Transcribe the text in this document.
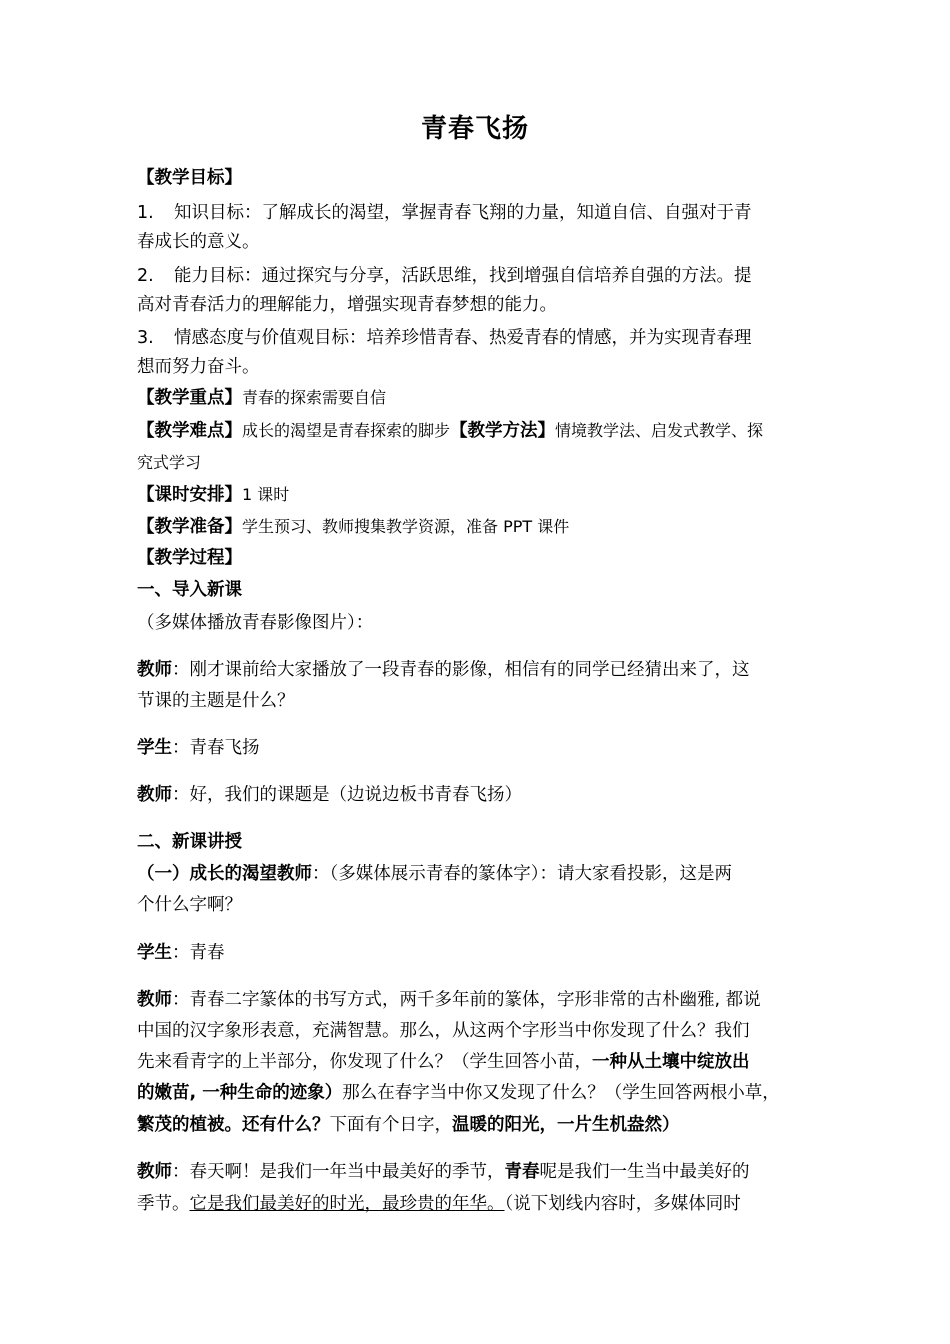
青春飞扬
【教学目标】
1. 知识目标：了解成长的渴望，掌握青春飞翔的力量，知道自信、自强对于青
春成长的意义。
2. 能力目标：通过探究与分享，活跃思维，找到增强自信培养自强的方法。提
高对青春活力的理解能力，增强实现青春梦想的能力。
3. 情感态度与价值观目标：培养珍惜青春、热爱青春的情感，并为实现青春理
想而努力奋斗。
【教学重点】青春的探索需要自信
【教学难点】成长的渴望是青春探索的脚步【教学方法】情境教学法、启发式教学、探
究式学习
【课时安排】1 课时
【教学准备】学生预习、教师搜集教学资源，准备 PPT 课件
【教学过程】
一、导入新课
（多媒体播放青春影像图片）：
教师：刚才课前给大家播放了一段青春的影像，相信有的同学已经猜出来了，这
节课的主题是什么？
学生：青春飞扬
教师：好，我们的课题是（边说边板书青春飞扬）
二、新课讲授
（一）成长的渴望教师：（多媒体展示青春的篆体字）：请大家看投影，这是两
个什么字啊？
学生：青春
教师：青春二字篆体的书写方式，两千多年前的篆体，字形非常的古朴幽雅, 都说
中国的汉字象形表意，充满智慧。那么，从这两个字形当中你发现了什么？我们
先来看青字的上半部分，你发现了什么？（学生回答小苗，一种从土壤中绽放出
的嫩苗, 一种生命的迹象）那么在春字当中你又发现了什么？（学生回答两根小草，
繁茂的植被。还有什么？下面有个日字，温暖的阳光，一片生机盎然）
教师：春天啊！是我们一年当中最美好的季节，青春呢是我们一生当中最美好的
季节。它是我们最美好的时光，最珍贵的年华。（说下划线内容时，多媒体同时
